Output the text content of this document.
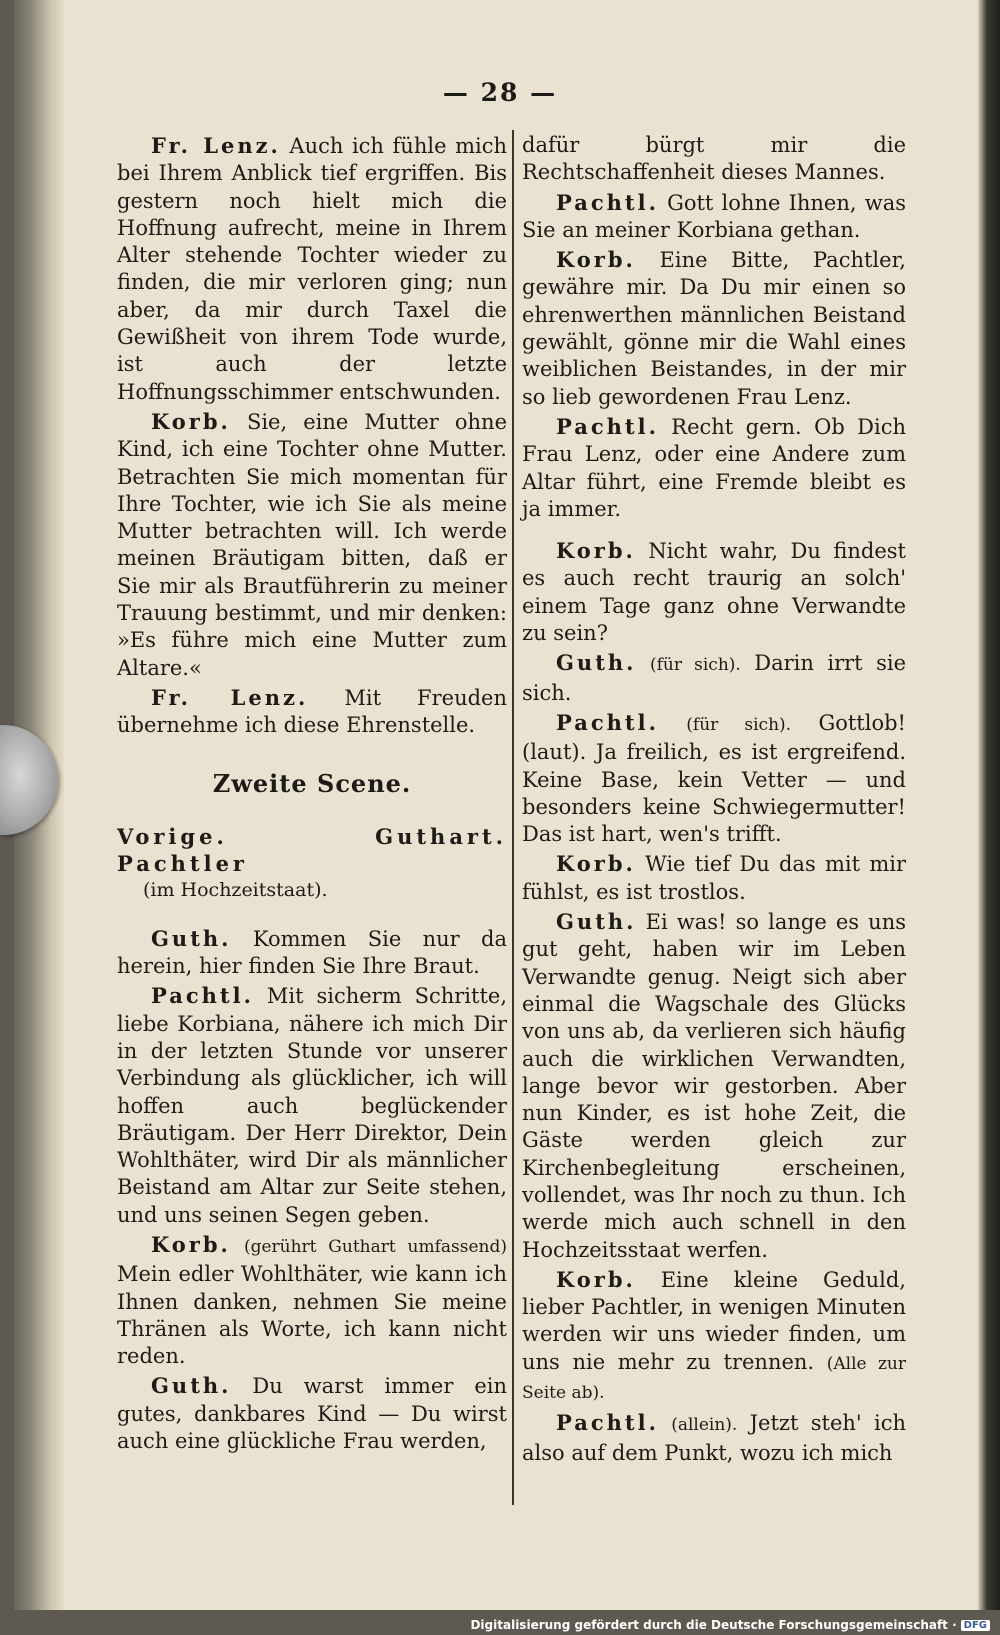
— 28 —

Fr. Lenz. Auch ich fühle mich bei Ihrem Anblick tief ergriffen. Bis gestern noch hielt mich die Hoffnung aufrecht, meine in Ihrem Alter stehende Tochter wieder zu finden, die mir verloren ging; nun aber, da mir durch Taxel die Gewißheit von ihrem Tode wurde, ist auch der letzte Hoffnungsschimmer entschwunden.

Korb. Sie, eine Mutter ohne Kind, ich eine Tochter ohne Mutter. Betrachten Sie mich momentan für Ihre Tochter, wie ich Sie als meine Mutter betrachten will. Ich werde meinen Bräutigam bitten, daß er Sie mir als Brautführerin zu meiner Trauung bestimmt, und mir denken: »Es führe mich eine Mutter zum Altare.«

Fr. Lenz. Mit Freuden übernehme ich diese Ehrenstelle.

Zweite Scene.
Vorige. Guthart. Pachtler
(im Hochzeitstaat).

Guth. Kommen Sie nur da herein, hier finden Sie Ihre Braut.

Pachtl. Mit sicherm Schritte, liebe Korbiana, nähere ich mich Dir in der letzten Stunde vor unserer Verbindung als glücklicher, ich will hoffen auch beglückender Bräutigam. Der Herr Direktor, Dein Wohlthäter, wird Dir als männlicher Beistand am Altar zur Seite stehen, und uns seinen Segen geben.

Korb. (gerührt Guthart umfassend) Mein edler Wohlthäter, wie kann ich Ihnen danken, nehmen Sie meine Thränen als Worte, ich kann nicht reden.

Guth. Du warst immer ein gutes, dankbares Kind — Du wirst auch eine glückliche Frau werden,

dafür bürgt mir die Rechtschaffenheit dieses Mannes.

Pachtl. Gott lohne Ihnen, was Sie an meiner Korbiana gethan.

Korb. Eine Bitte, Pachtler, gewähre mir. Da Du mir einen so ehrenwerthen männlichen Beistand gewählt, gönne mir die Wahl eines weiblichen Beistandes, in der mir so lieb gewordenen Frau Lenz.

Pachtl. Recht gern. Ob Dich Frau Lenz, oder eine Andere zum Altar führt, eine Fremde bleibt es ja immer.

Korb. Nicht wahr, Du findest es auch recht traurig an solch' einem Tage ganz ohne Verwandte zu sein?

Guth. (für sich). Darin irrt sie sich.

Pachtl. (für sich). Gottlob! (laut). Ja freilich, es ist ergreifend. Keine Base, kein Vetter — und besonders keine Schwiegermutter! Das ist hart, wen's trifft.

Korb. Wie tief Du das mit mir fühlst, es ist trostlos.

Guth. Ei was! so lange es uns gut geht, haben wir im Leben Verwandte genug. Neigt sich aber einmal die Wagschale des Glücks von uns ab, da verlieren sich häufig auch die wirklichen Verwandten, lange bevor wir gestorben. Aber nun Kinder, es ist hohe Zeit, die Gäste werden gleich zur Kirchenbegleitung erscheinen, vollendet, was Ihr noch zu thun. Ich werde mich auch schnell in den Hochzeitsstaat werfen.

Korb. Eine kleine Geduld, lieber Pachtler, in wenigen Minuten werden wir uns wieder finden, um uns nie mehr zu trennen. (Alle zur Seite ab).

Pachtl. (allein). Jetzt steh' ich also auf dem Punkt, wozu ich mich

Digitalisierung gefördert durch die Deutsche Forschungsgemeinschaft · DFG
